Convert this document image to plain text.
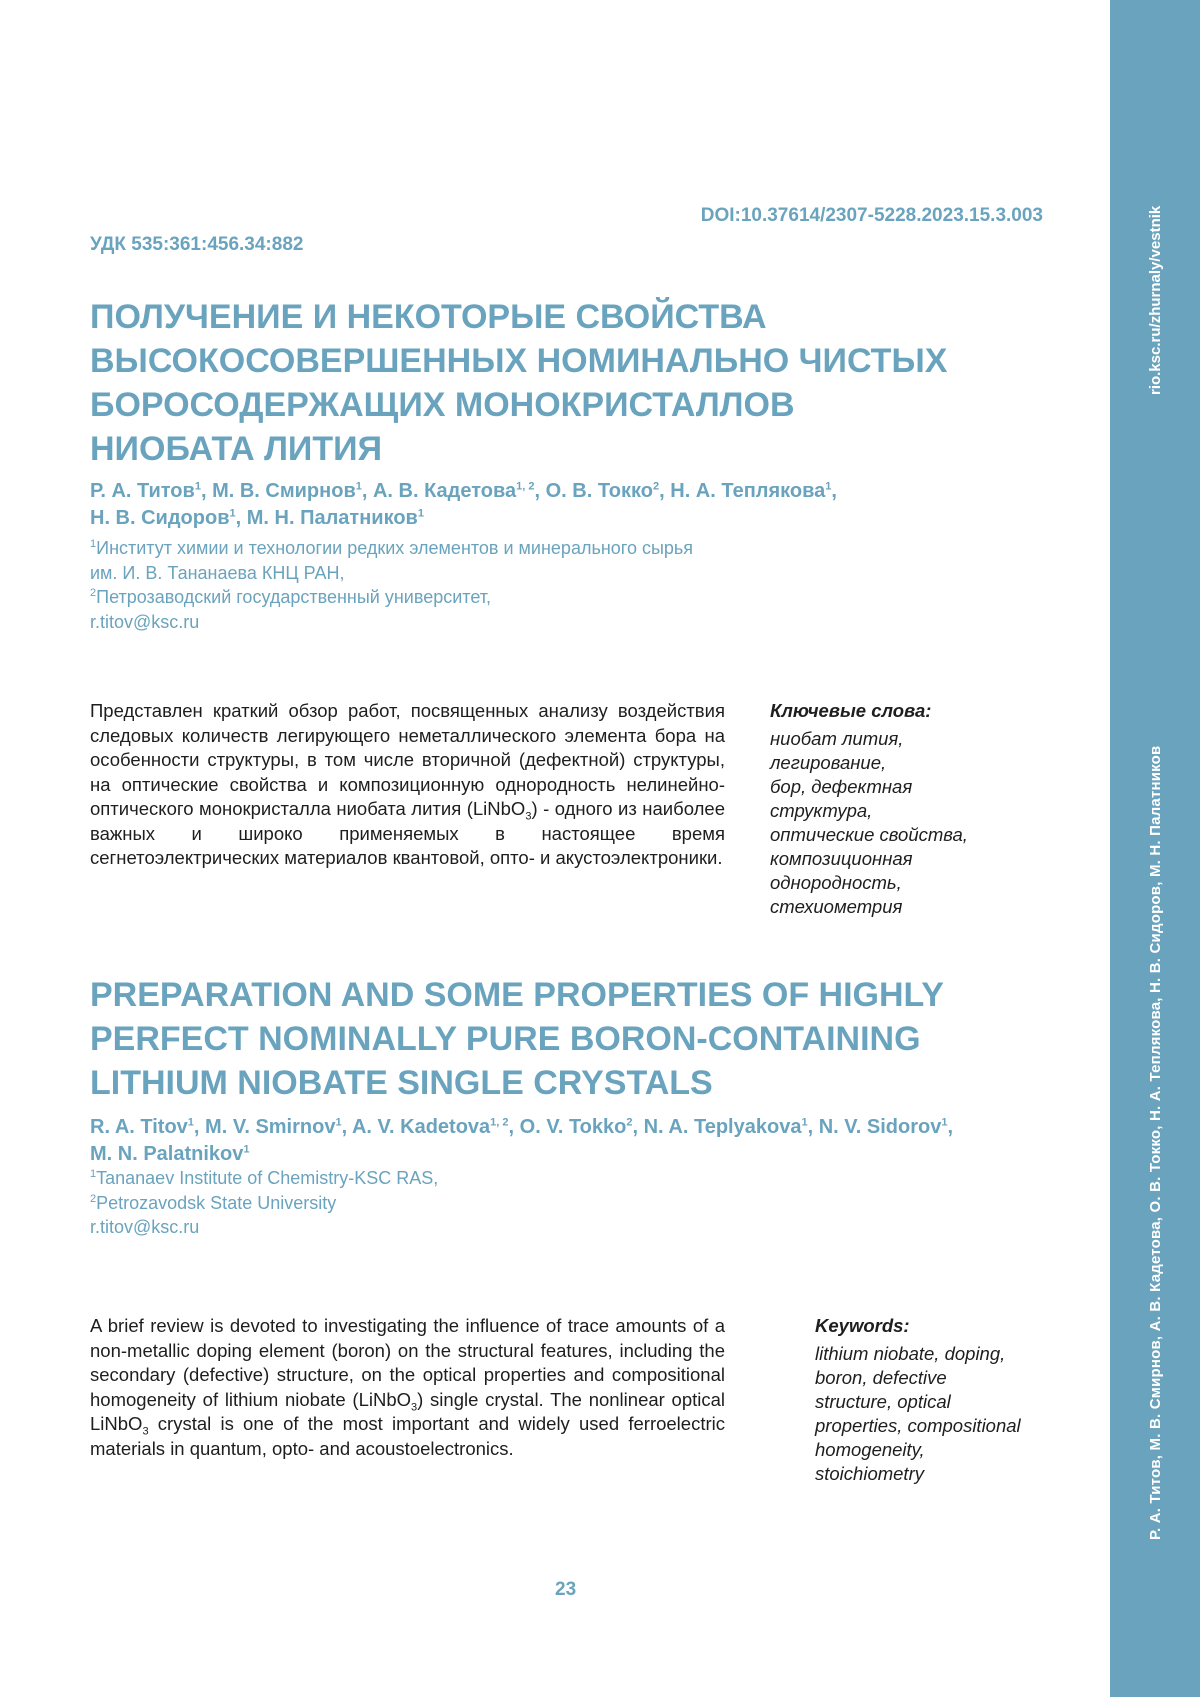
rio.ksc.ru/zhurnaly/vestnik
Р. А. Титов, М. В. Смирнов, А. В. Кадетова, О. В. Токко, Н. А. Теплякова, Н. В. Сидоров, М. Н. Палатников
DOI:10.37614/2307-5228.2023.15.3.003
УДК 535:361:456.34:882
ПОЛУЧЕНИЕ И НЕКОТОРЫЕ СВОЙСТВА
ВЫСОКОСОВЕРШЕННЫХ НОМИНАЛЬНО ЧИСТЫХ
БОРОСОДЕРЖАЩИХ МОНОКРИСТАЛЛОВ
НИОБАТА ЛИТИЯ
Р. А. Титов$^1$, М. В. Смирнов$^1$, А. В. Кадетова$^{1, 2}$, О. В. Токко$^2$, Н. А. Теплякова$^1$,
Н. В. Сидоров$^1$, М. Н. Палатников$^1$
$^1$Институт химии и технологии редких элементов и минерального сырья
им. И. В. Тананаева КНЦ РАН,
$^2$Петрозаводский государственный университет,
r.titov@ksc.ru

Представлен краткий обзор работ, посвященных анализу воздействия следовых количеств легирующего неметаллического элемента бора на особенности структуры, в том числе вторичной (дефектной) структуры, на оптические свойства и композиционную однородность нелинейно-оптического монокристалла ниобата лития (LiNbO$_3$) - одного из наиболее важных и широко применяемых в настоящее время сегнетоэлектрических материалов квантовой, опто- и акустоэлектроники.

Ключевые слова:
ниобат лития, легирование,
бор, дефектная структура,
оптические свойства,
композиционная
однородность,
стехиометрия
PREPARATION AND SOME PROPERTIES OF HIGHLY
PERFECT NOMINALLY PURE BORON-CONTAINING
LITHIUM NIOBATE SINGLE CRYSTALS
R. A. Titov$^1$, M. V. Smirnov$^1$, A. V. Kadetova$^{1, 2}$, O. V. Tokko$^2$, N. A. Teplyakova$^1$, N. V. Sidorov$^1$,
M. N. Palatnikov$^1$
$^1$Tananaev Institute of Chemistry-KSC RAS,
$^2$Petrozavodsk State University
r.titov@ksc.ru

A brief review is devoted to investigating the influence of trace amounts of a non-metallic doping element (boron) on the structural features, including the secondary (defective) structure, on the optical properties and compositional homogeneity of lithium niobate (LiNbO$_3$) single crystal. The nonlinear optical LiNbO$_3$ crystal is one of the most important and widely used ferroelectric materials in quantum, opto- and acoustoelectronics.

Keywords:
lithium niobate, doping,
boron, defective
structure, optical
properties, compositional
homogeneity,
stoichiometry
23
